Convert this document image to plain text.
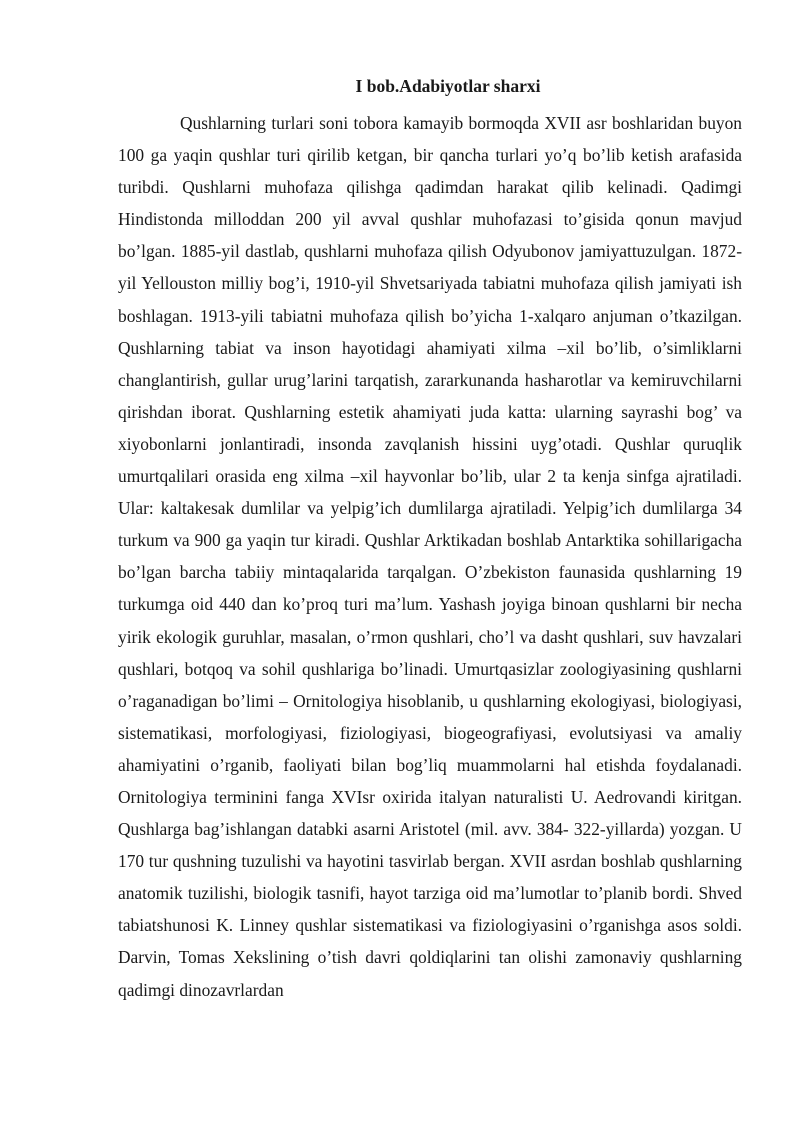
I bob.Adabiyotlar sharxi

Qushlarning turlari soni tobora kamayib bormoqda XVII asr boshlaridan buyon 100 ga yaqin qushlar turi qirilib ketgan, bir qancha turlari yo’q bo’lib ketish arafasida turibdi. Qushlarni muhofaza qilishga qadimdan harakat qilib kelinadi. Qadimgi Hindistonda milloddan 200 yil avval qushlar muhofazasi to’gisida qonun mavjud bo’lgan. 1885-yil dastlab, qushlarni muhofaza qilish Odyubonov jamiyattuzulgan. 1872-yil Yellouston milliy bog’i, 1910-yil Shvetsariyada tabiatni muhofaza qilish jamiyati ish boshlagan. 1913-yili tabiatni muhofaza qilish bo’yicha 1-xalqaro anjuman o’tkazilgan. Qushlarning tabiat va inson hayotidagi ahamiyati xilma –xil bo’lib, o’simliklarni changlantirish, gullar urug’larini tarqatish, zararkunanda hasharotlar va kemiruvchilarni qirishdan iborat. Qushlarning estetik ahamiyati juda katta: ularning sayrashi bog’ va xiyobonlarni jonlantiradi, insonda zavqlanish hissini uyg’otadi. Qushlar quruqlik umurtqalilari orasida eng xilma –xil hayvonlar bo’lib, ular 2 ta kenja sinfga ajratiladi. Ular: kaltakesak dumlilar va yelpig’ich dumlilarga ajratiladi. Yelpig’ich dumlilarga 34 turkum va 900 ga yaqin tur kiradi. Qushlar Arktikadan boshlab Antarktika sohillarigacha bo’lgan barcha tabiiy mintaqalarida tarqalgan. O’zbekiston faunasida qushlarning 19 turkumga oid 440 dan ko’proq turi ma’lum. Yashash joyiga binoan qushlarni bir necha yirik ekologik guruhlar, masalan, o’rmon qushlari, cho’l va dasht qushlari, suv havzalari qushlari, botqoq va sohil qushlariga bo’linadi. Umurtqasizlar zoologiyasining qushlarni o’raganadigan bo’limi – Ornitologiya hisoblanib, u qushlarning ekologiyasi, biologiyasi, sistematikasi, morfologiyasi, fiziologiyasi, biogeografiyasi, evolutsiyasi va amaliy ahamiyatini o’rganib, faoliyati bilan bog’liq muammolarni hal etishda foydalanadi. Ornitologiya terminini fanga XVIsr oxirida italyan naturalisti U. Aedrovandi kiritgan. Qushlarga bag’ishlangan databki asarni Aristotel (mil. avv. 384- 322-yillarda) yozgan. U 170 tur qushning tuzulishi va hayotini tasvirlab bergan. XVII asrdan boshlab qushlarning anatomik tuzilishi, biologik tasnifi, hayot tarziga oid ma’lumotlar to’planib bordi. Shved tabiatshunosi K. Linney qushlar sistematikasi va fiziologiyasini o’rganishga asos soldi. Darvin, Tomas Xekslining o’tish davri qoldiqlarini tan olishi zamonaviy qushlarning qadimgi dinozavrlardan
